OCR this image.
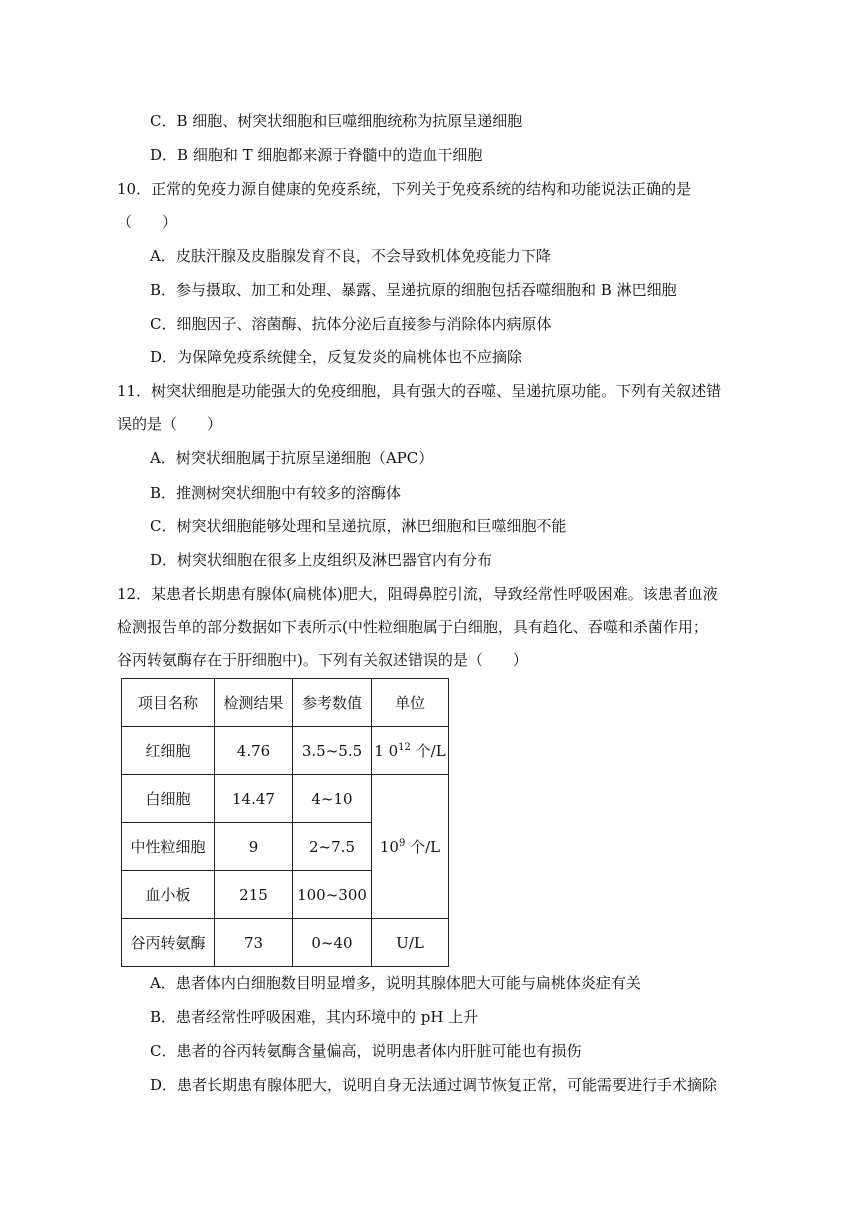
C．B 细胞、树突状细胞和巨噬细胞统称为抗原呈递细胞
D．B 细胞和 T 细胞都来源于脊髓中的造血干细胞
10．正常的免疫力源自健康的免疫系统，下列关于免疫系统的结构和功能说法正确的是
（　　）
A．皮肤汗腺及皮脂腺发育不良，不会导致机体免疫能力下降
B．参与摄取、加工和处理、暴露、呈递抗原的细胞包括吞噬细胞和 B 淋巴细胞
C．细胞因子、溶菌酶、抗体分泌后直接参与消除体内病原体
D．为保障免疫系统健全，反复发炎的扁桃体也不应摘除
11．树突状细胞是功能强大的免疫细胞，具有强大的吞噬、呈递抗原功能。下列有关叙述错
误的是（　　）
A．树突状细胞属于抗原呈递细胞（APC）
B．推测树突状细胞中有较多的溶酶体
C．树突状细胞能够处理和呈递抗原，淋巴细胞和巨噬细胞不能
D．树突状细胞在很多上皮组织及淋巴器官内有分布
12．某患者长期患有腺体(扁桃体)肥大，阻碍鼻腔引流，导致经常性呼吸困难。该患者血液
检测报告单的部分数据如下表所示(中性粒细胞属于白细胞，具有趋化、吞噬和杀菌作用；
谷丙转氨酶存在于肝细胞中)。下列有关叙述错误的是（　　）
项目名称	检测结果	参考数值	单位
红细胞	4.76	3.5~5.5	1 $0^{12}$ 个/L
白细胞	14.47	4~10	$10^9$ 个/L
中性粒细胞	9	2~7.5	
血小板	215	100~300	
谷丙转氨酶	73	0~40	U/L
A．患者体内白细胞数目明显增多，说明其腺体肥大可能与扁桃体炎症有关
B．患者经常性呼吸困难，其内环境中的 pH 上升
C．患者的谷丙转氨酶含量偏高，说明患者体内肝脏可能也有损伤
D．患者长期患有腺体肥大，说明自身无法通过调节恢复正常，可能需要进行手术摘除
